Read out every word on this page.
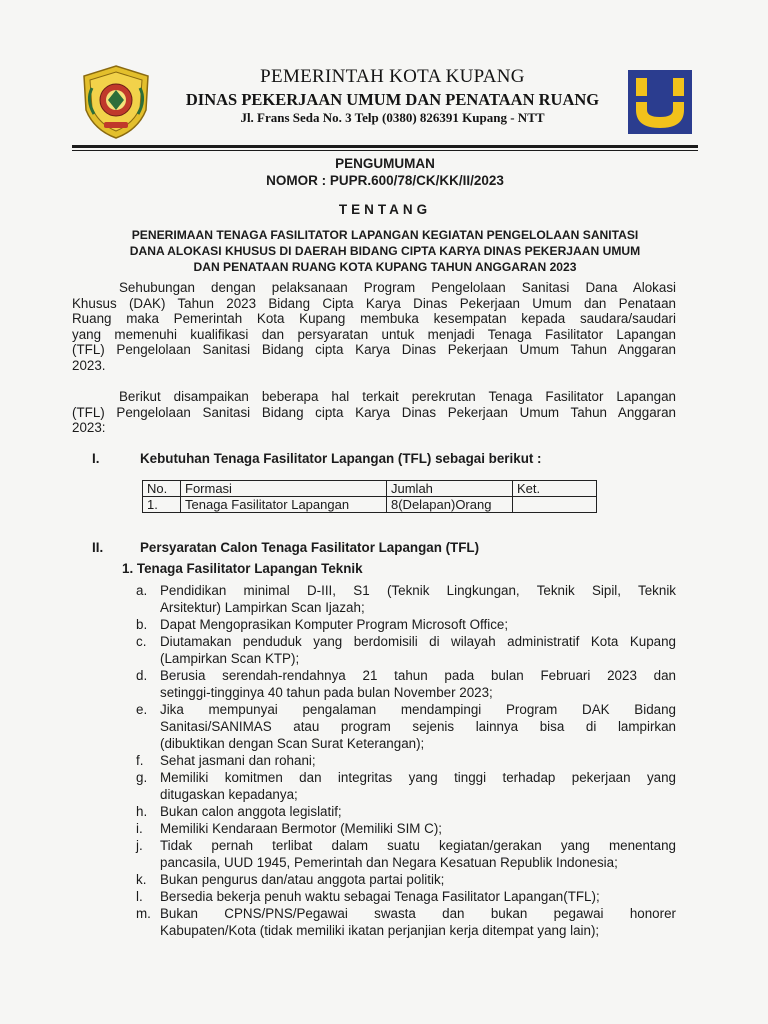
PEMERINTAH KOTA KUPANG
DINAS PEKERJAAN UMUM DAN PENATAAN RUANG
Jl. Frans Seda No. 3 Telp (0380) 826391 Kupang - NTT
PENGUMUMAN
NOMOR : PUPR.600/78/CK/KK/II/2023
TENTANG
PENERIMAAN TENAGA FASILITATOR LAPANGAN KEGIATAN PENGELOLAAN SANITASI
DANA ALOKASI KHUSUS DI DAERAH BIDANG CIPTA KARYA DINAS PEKERJAAN UMUM
DAN PENATAAN RUANG KOTA KUPANG TAHUN ANGGARAN 2023
Sehubungan dengan pelaksanaan Program Pengelolaan Sanitasi Dana Alokasi
Khusus (DAK) Tahun 2023 Bidang Cipta Karya Dinas Pekerjaan Umum dan Penataan
Ruang maka Pemerintah Kota Kupang membuka kesempatan kepada saudara/saudari
yang memenuhi kualifikasi dan persyaratan untuk menjadi Tenaga Fasilitator Lapangan
(TFL) Pengelolaan Sanitasi Bidang cipta Karya Dinas Pekerjaan Umum Tahun Anggaran
2023.
Berikut disampaikan beberapa hal terkait perekrutan Tenaga Fasilitator Lapangan
(TFL) Pengelolaan Sanitasi Bidang cipta Karya Dinas Pekerjaan Umum Tahun Anggaran
2023:
I.	Kebutuhan Tenaga Fasilitator Lapangan (TFL) sebagai berikut :
No.	Formasi	Jumlah	Ket.
1.	Tenaga Fasilitator Lapangan	8(Delapan)Orang	
II.	Persyaratan Calon Tenaga Fasilitator Lapangan (TFL)
1. Tenaga Fasilitator Lapangan Teknik
a. Pendidikan minimal D-III, S1 (Teknik Lingkungan, Teknik Sipil, Teknik
Arsitektur) Lampirkan Scan Ijazah;
b. Dapat Mengoprasikan Komputer Program Microsoft Office;
c.	Diutamakan penduduk yang berdomisili di wilayah administratif Kota Kupang
(Lampirkan Scan KTP);
d. Berusia serendah-rendahnya 21 tahun pada bulan Februari 2023 dan
setinggi-tingginya 40 tahun pada bulan November 2023;
e. Jika mempunyai pengalaman mendampingi Program DAK Bidang
Sanitasi/SANIMAS atau program sejenis lainnya bisa di lampirkan
(dibuktikan dengan Scan Surat Keterangan);
f.	Sehat jasmani dan rohani;
g. Memiliki komitmen dan integritas yang tinggi terhadap pekerjaan yang
ditugaskan kepadanya;
h. Bukan calon anggota legislatif;
i.	Memiliki Kendaraan Bermotor (Memiliki SIM C);
j.	Tidak pernah terlibat dalam suatu kegiatan/gerakan yang menentang
pancasila, UUD 1945, Pemerintah dan Negara Kesatuan Republik Indonesia;
k.	Bukan pengurus dan/atau anggota partai politik;
l.	Bersedia bekerja penuh waktu sebagai Tenaga Fasilitator Lapangan(TFL);
m. Bukan CPNS/PNS/Pegawai swasta dan bukan pegawai honorer
Kabupaten/Kota (tidak memiliki ikatan perjanjian kerja ditempat yang lain);
